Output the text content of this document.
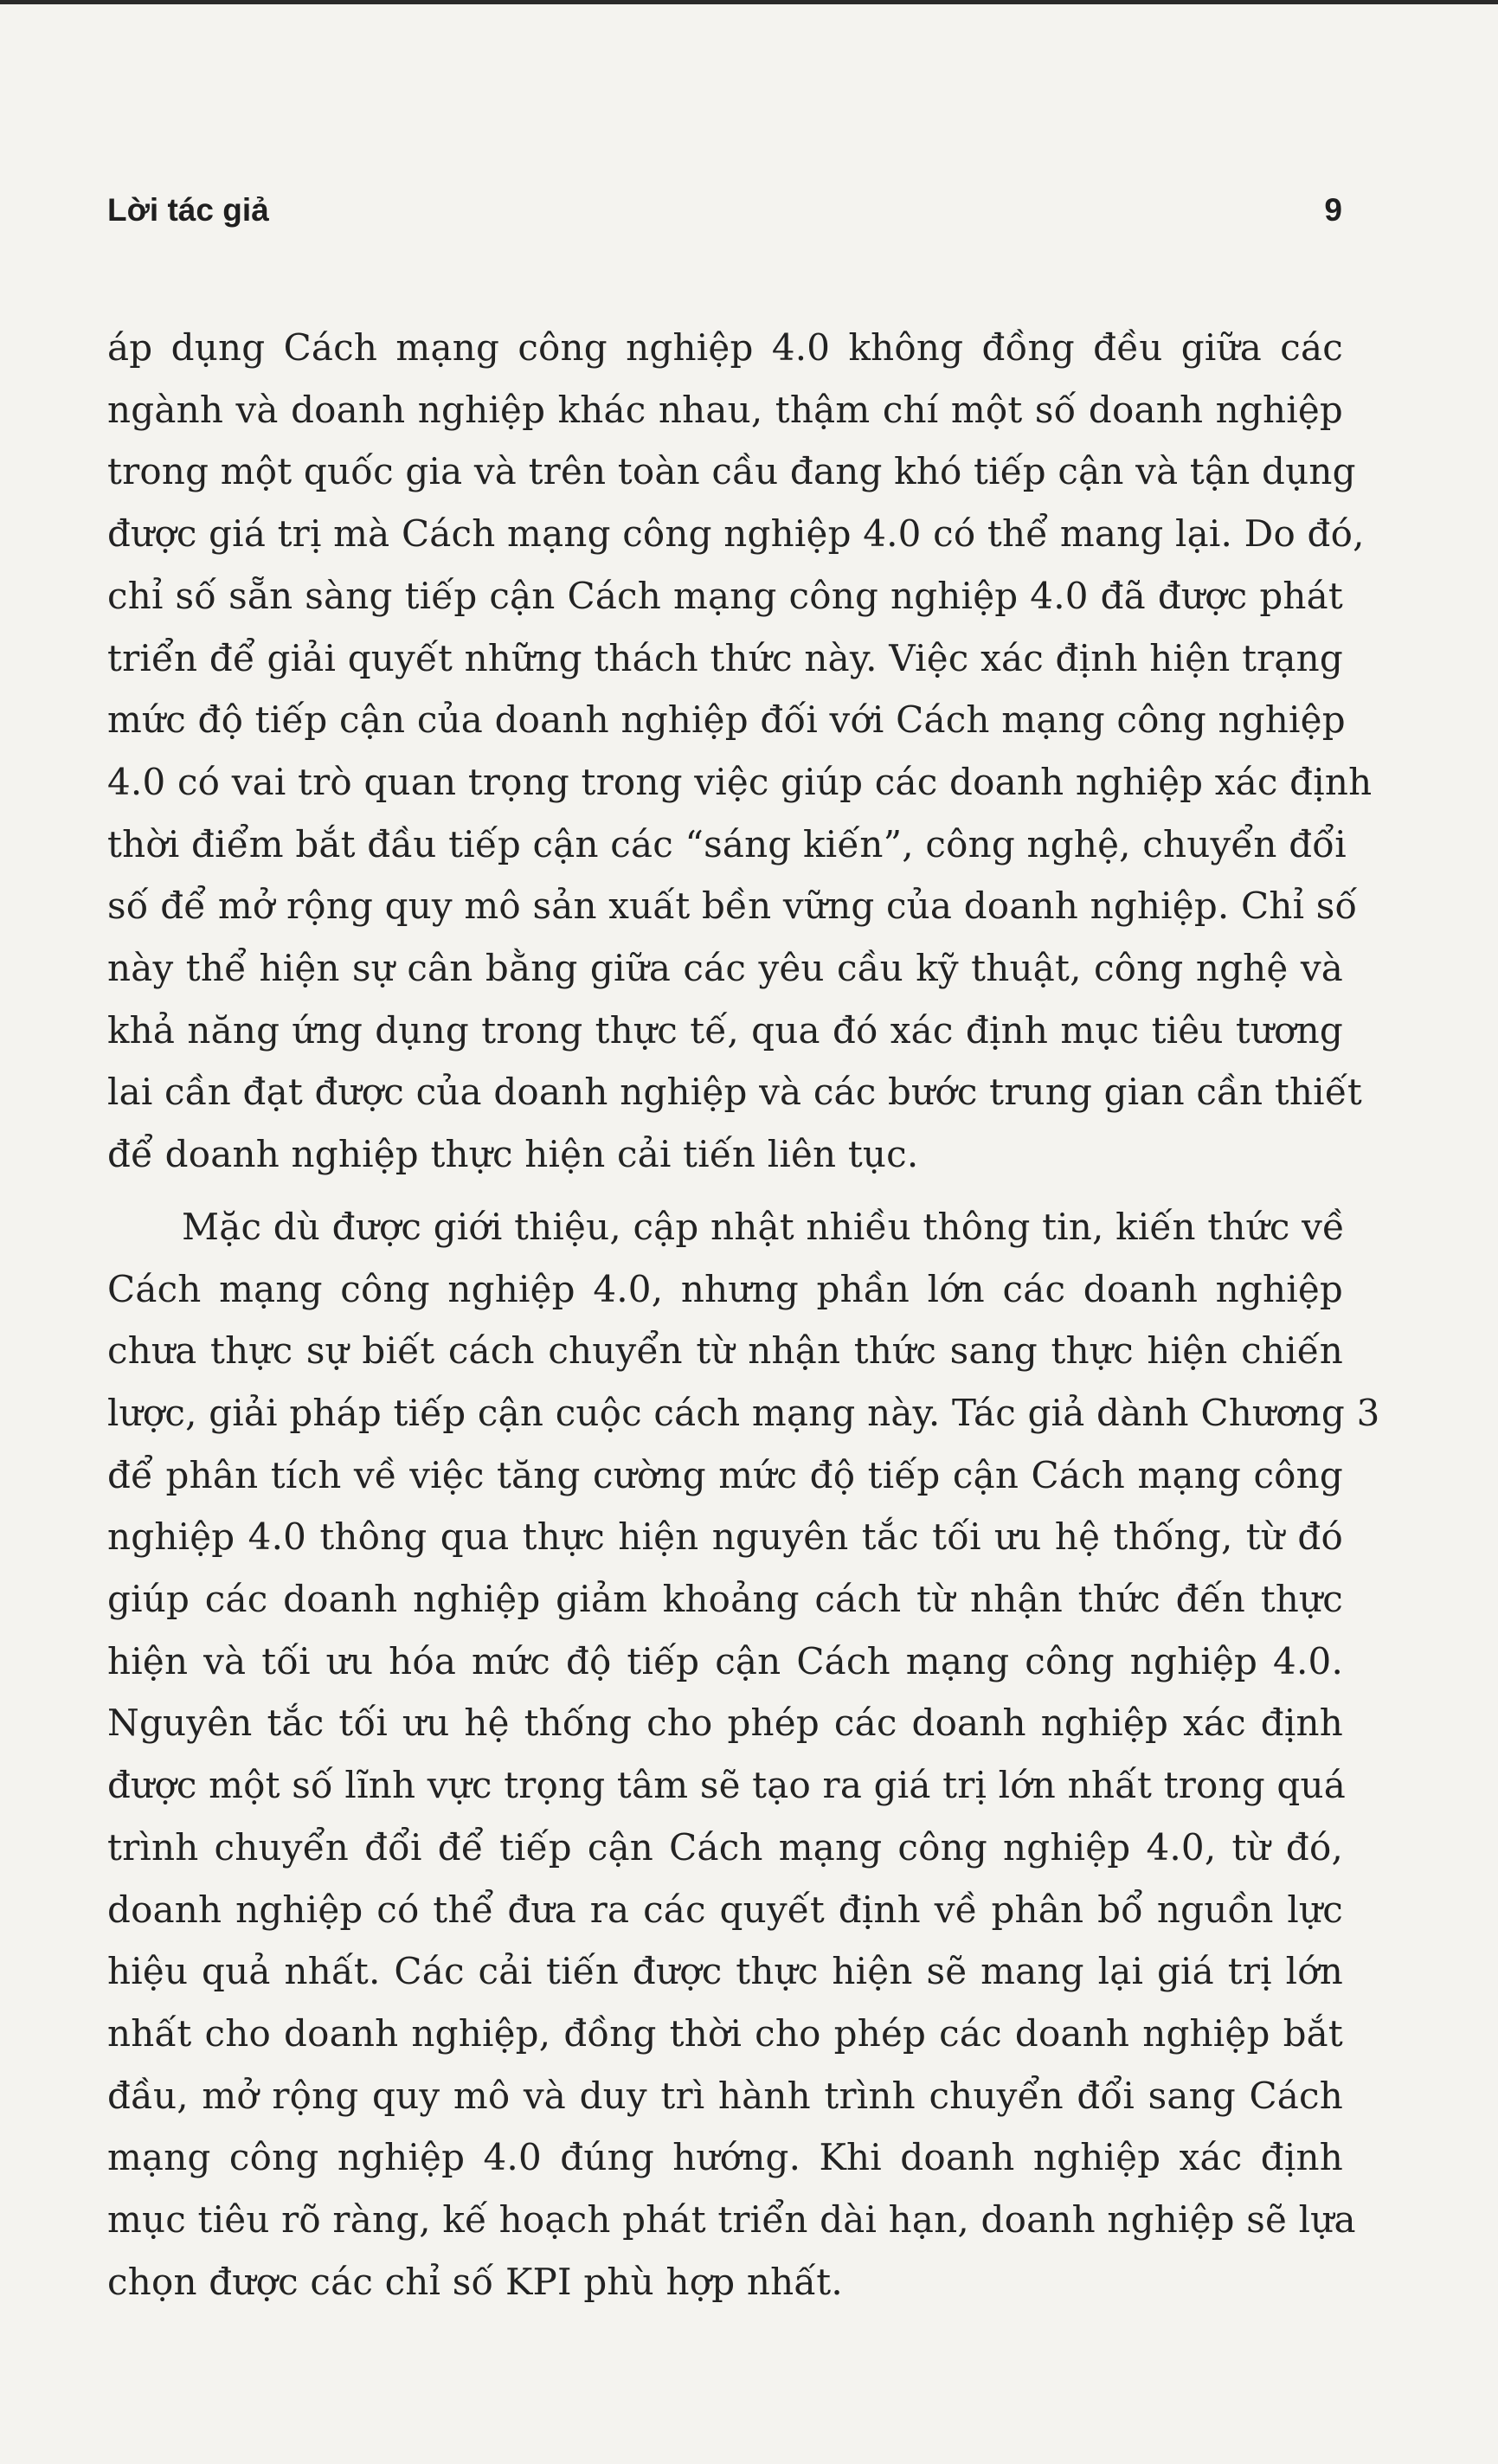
Lời tác giả	9
áp dụng Cách mạng công nghiệp 4.0 không đồng đều giữa các
ngành và doanh nghiệp khác nhau, thậm chí một số doanh nghiệp
trong một quốc gia và trên toàn cầu đang khó tiếp cận và tận dụng
được giá trị mà Cách mạng công nghiệp 4.0 có thể mang lại. Do đó,
chỉ số sẵn sàng tiếp cận Cách mạng công nghiệp 4.0 đã được phát
triển để giải quyết những thách thức này. Việc xác định hiện trạng
mức độ tiếp cận của doanh nghiệp đối với Cách mạng công nghiệp
4.0 có vai trò quan trọng trong việc giúp các doanh nghiệp xác định
thời điểm bắt đầu tiếp cận các “sáng kiến”, công nghệ, chuyển đổi
số để mở rộng quy mô sản xuất bền vững của doanh nghiệp. Chỉ số
này thể hiện sự cân bằng giữa các yêu cầu kỹ thuật, công nghệ và
khả năng ứng dụng trong thực tế, qua đó xác định mục tiêu tương
lai cần đạt được của doanh nghiệp và các bước trung gian cần thiết
để doanh nghiệp thực hiện cải tiến liên tục.
Mặc dù được giới thiệu, cập nhật nhiều thông tin, kiến thức về
Cách mạng công nghiệp 4.0, nhưng phần lớn các doanh nghiệp
chưa thực sự biết cách chuyển từ nhận thức sang thực hiện chiến
lược, giải pháp tiếp cận cuộc cách mạng này. Tác giả dành Chương 3
để phân tích về việc tăng cường mức độ tiếp cận Cách mạng công
nghiệp 4.0 thông qua thực hiện nguyên tắc tối ưu hệ thống, từ đó
giúp các doanh nghiệp giảm khoảng cách từ nhận thức đến thực
hiện và tối ưu hóa mức độ tiếp cận Cách mạng công nghiệp 4.0.
Nguyên tắc tối ưu hệ thống cho phép các doanh nghiệp xác định
được một số lĩnh vực trọng tâm sẽ tạo ra giá trị lớn nhất trong quá
trình chuyển đổi để tiếp cận Cách mạng công nghiệp 4.0, từ đó,
doanh nghiệp có thể đưa ra các quyết định về phân bổ nguồn lực
hiệu quả nhất. Các cải tiến được thực hiện sẽ mang lại giá trị lớn
nhất cho doanh nghiệp, đồng thời cho phép các doanh nghiệp bắt
đầu, mở rộng quy mô và duy trì hành trình chuyển đổi sang Cách
mạng công nghiệp 4.0 đúng hướng. Khi doanh nghiệp xác định
mục tiêu rõ ràng, kế hoạch phát triển dài hạn, doanh nghiệp sẽ lựa
chọn được các chỉ số KPI phù hợp nhất.
